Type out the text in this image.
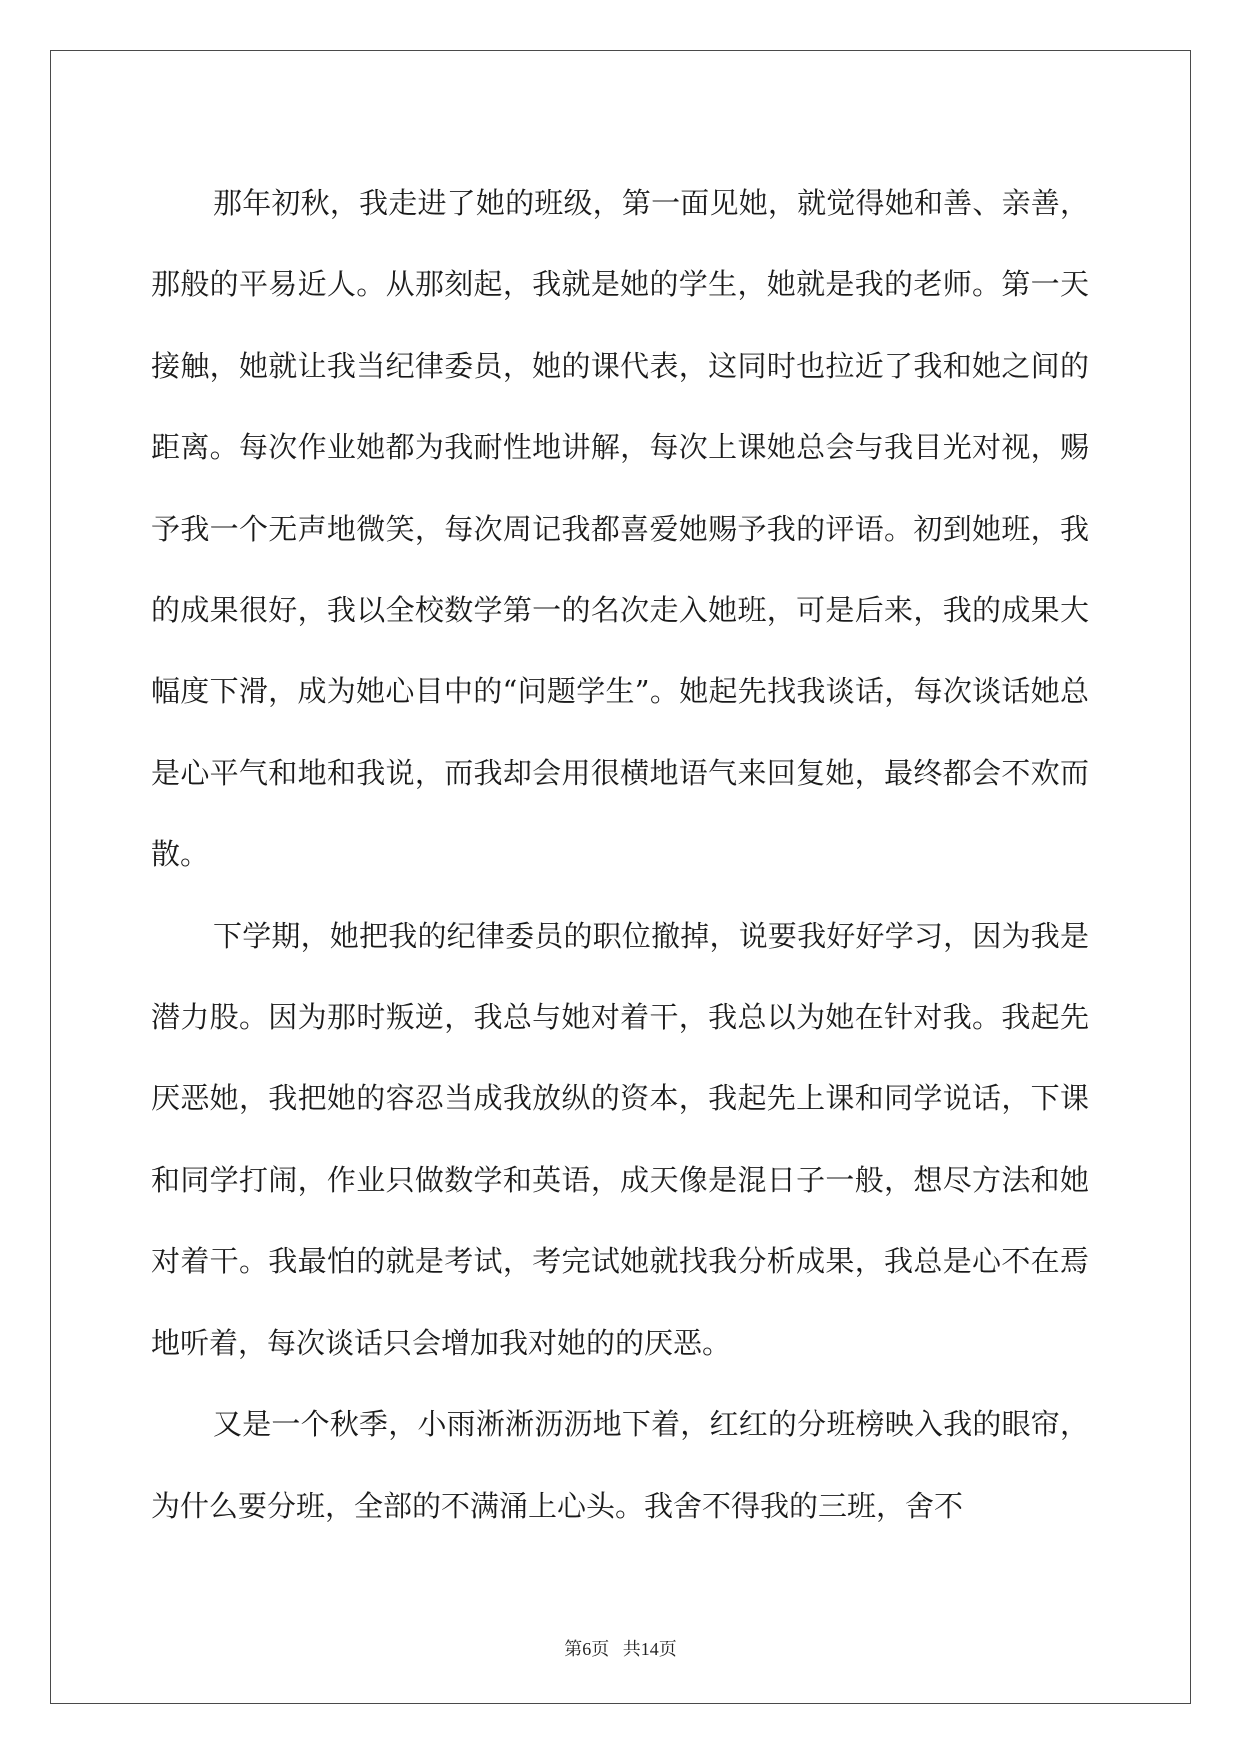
那年初秋，我走进了她的班级，第一面见她，就觉得她和善、亲善，那般的平易近人。从那刻起，我就是她的学生，她就是我的老师。第一天接触，她就让我当纪律委员，她的课代表，这同时也拉近了我和她之间的距离。每次作业她都为我耐性地讲解，每次上课她总会与我目光对视，赐予我一个无声地微笑，每次周记我都喜爱她赐予我的评语。初到她班，我的成果很好，我以全校数学第一的名次走入她班，可是后来，我的成果大幅度下滑，成为她心目中的“问题学生”。她起先找我谈话，每次谈话她总是心平气和地和我说，而我却会用很横地语气来回复她，最终都会不欢而散。

下学期，她把我的纪律委员的职位撤掉，说要我好好学习，因为我是潜力股。因为那时叛逆，我总与她对着干，我总以为她在针对我。我起先厌恶她，我把她的容忍当成我放纵的资本，我起先上课和同学说话，下课和同学打闹，作业只做数学和英语，成天像是混日子一般，想尽方法和她对着干。我最怕的就是考试，考完试她就找我分析成果，我总是心不在焉地听着，每次谈话只会增加我对她的的厌恶。

又是一个秋季，小雨淅淅沥沥地下着，红红的分班榜映入我的眼帘，为什么要分班，全部的不满涌上心头。我舍不得我的三班，舍不

第6页 共14页
